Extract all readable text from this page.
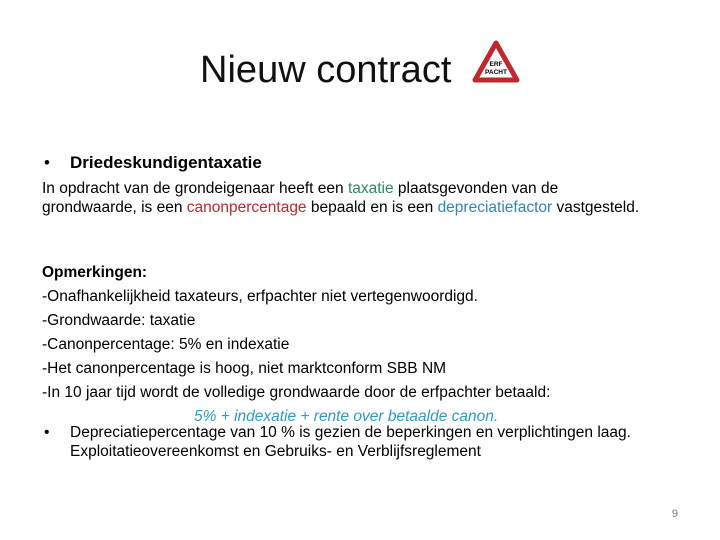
Nieuw contract	ERF
PACHT
• Driedeskundigentaxatie
In opdracht van de grondeigenaar heeft een taxatie plaatsgevonden van de grondwaarde, is een canonpercentage bepaald en is een depreciatiefactor vastgesteld.
Opmerkingen:
-Onafhankelijkheid taxateurs, erfpachter niet vertegenwoordigd.
-Grondwaarde: taxatie
-Canonpercentage: 5% en indexatie
-Het canonpercentage is hoog, niet marktconform SBB NM
-In 10 jaar tijd wordt de volledige grondwaarde door de erfpachter betaald:
5% + indexatie + rente over betaalde canon.
• Depreciatiepercentage van 10 % is gezien de beperkingen en verplichtingen laag. Exploitatieovereenkomst en Gebruiks- en Verblijfsreglement
9
